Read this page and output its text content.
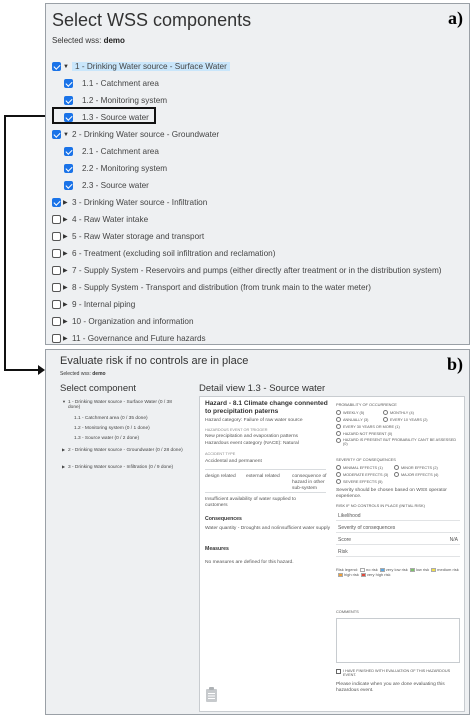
a)
Select WSS components
Selected wss: demo
▼ 1 - Drinking Water source - Surface Water
1.1 - Catchment area
1.2 - Monitoring system
1.3 - Source water
▼ 2 - Drinking Water source - Groundwater
2.1 - Catchment area
2.2 - Monitoring system
2.3 - Source water
▶ 3 - Drinking Water source - Infiltration
▶ 4 - Raw Water intake
▶ 5 - Raw Water storage and transport
▶ 6 - Treatment (excluding soil infiltration and reclamation)
▶ 7 - Supply System - Reservoirs and pumps (either directly after treatment or in the distribution system)
▶ 8 - Supply System - Transport and distribution (from trunk main to the water meter)
▶ 9 - Internal piping
▶ 10 - Organization and information
▶ 11 - Governance and Future hazards
b)
Evaluate risk if no controls are in place
Selected wss: demo
Select component	Detail view 1.3 - Source water
▼ 1 - Drinking Water source - Surface Water (0 / 38
done)
1.1 - Catchment area (0 / 35 done)
1.2 - Monitoring system (0 / 1 done)
1.3 - Source water (0 / 2 done)
▶ 2 - Drinking Water source - Groundwater (0 / 28 done)
▶ 3 - Drinking Water source - Infiltration (0 / 9 done)
Hazard - 8.1 Climate change connented to precipitation paterns
Hazard category: Failure of raw water source
HAZARDOUS EVENT OR TRIGGER
New precipitation and evaporation patterns
Hazardous event category (NACE): Natural
ACCIDENT TYPE
Accidental and permanent
design related external related	consequence of hazard in other sub-system
Insufficient availability of water supplied to customers
Consequences
Water quantity - Droughts and no/insufficient water supply
Measures
No measures are defined for this hazard.
PROBABILITY OF OCCURRENCE
WEEKLY (5)	MONTHLY (4)
ANNUALLY (3)	EVERY 10 YEARS (2)
EVERY 30 YEARS OR MORE (1)
HAZARD NOT PRESENT (0)
HAZARD IS PRESENT BUT PROBABILITY CAN'T BE ASSESSED (0)
SEVERITY OF CONSEQUENCES
MINIMAL EFFECTS (1)	MINOR EFFECTS (2)
MODERATE EFFECTS (3)	MAJOR EFFECTS (4)
SEVERE EFFECTS (5)
Severity should be chosen based on WSS operator experience.
RISK IF NO CONTROLS IN PLACE (INITIAL RISK)
Likelihood
Severity of consequences
Score	N/A
Risk
Risk legend: no risk very low risk low risk medium risk
high risk very high risk
COMMENTS
I HAVE FINISHED WITH EVALUATION OF THIS HAZARDOUS EVENT.
Please indicate when you are done evaluating this hazardous event.
